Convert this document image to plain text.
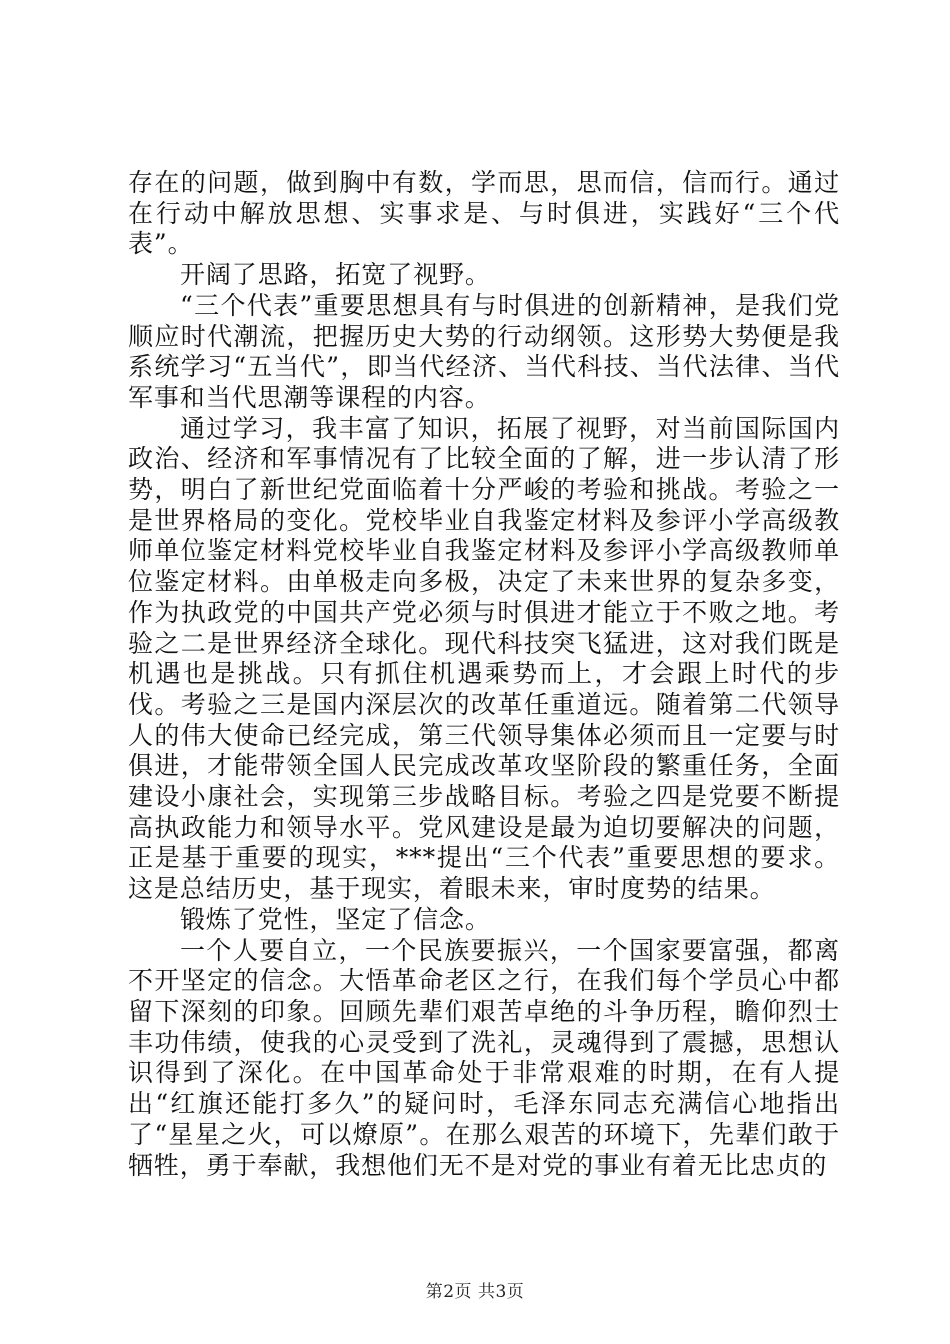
存在的问题，做到胸中有数，学而思，思而信，信而行。通过在行动中解放思想、实事求是、与时俱进，实践好“三个代表”。

开阔了思路，拓宽了视野。

“三个代表”重要思想具有与时俱进的创新精神，是我们党顺应时代潮流，把握历史大势的行动纲领。这形势大势便是我系统学习“五当代”，即当代经济、当代科技、当代法律、当代军事和当代思潮等课程的内容。

通过学习，我丰富了知识，拓展了视野，对当前国际国内政治、经济和军事情况有了比较全面的了解，进一步认清了形势，明白了新世纪党面临着十分严峻的考验和挑战。考验之一是世界格局的变化。党校毕业自我鉴定材料及参评小学高级教师单位鉴定材料党校毕业自我鉴定材料及参评小学高级教师单位鉴定材料。由单极走向多极，决定了未来世界的复杂多变，作为执政党的中国共产党必须与时俱进才能立于不败之地。考验之二是世界经济全球化。现代科技突飞猛进，这对我们既是机遇也是挑战。只有抓住机遇乘势而上，才会跟上时代的步伐。考验之三是国内深层次的改革任重道远。随着第二代领导人的伟大使命已经完成，第三代领导集体必须而且一定要与时俱进，才能带领全国人民完成改革攻坚阶段的繁重任务，全面建设小康社会，实现第三步战略目标。考验之四是党要不断提高执政能力和领导水平。党风建设是最为迫切要解决的问题，正是基于重要的现实，***提出“三个代表”重要思想的要求。这是总结历史，基于现实，着眼未来，审时度势的结果。

锻炼了党性，坚定了信念。

一个人要自立，一个民族要振兴，一个国家要富强，都离不开坚定的信念。大悟革命老区之行，在我们每个学员心中都留下深刻的印象。回顾先辈们艰苦卓绝的斗争历程，瞻仰烈士丰功伟绩，使我的心灵受到了洗礼，灵魂得到了震撼，思想认识得到了深化。在中国革命处于非常艰难的时期，在有人提出“红旗还能打多久”的疑问时，毛泽东同志充满信心地指出了“星星之火，可以燎原”。在那么艰苦的环境下，先辈们敢于牺牲，勇于奉献，我想他们无不是对党的事业有着无比忠贞的

第2页 共3页
